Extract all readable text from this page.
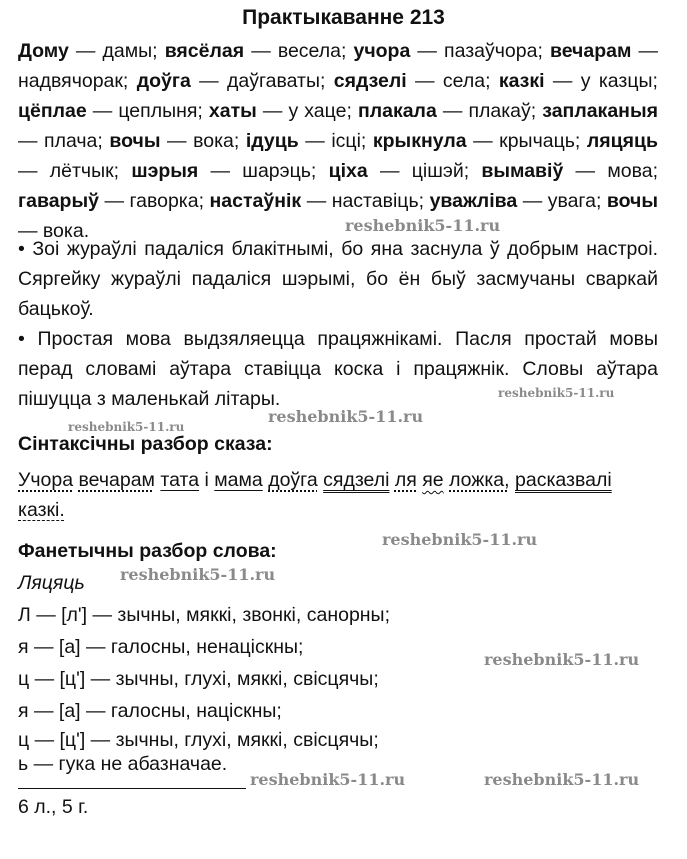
Практыкаванне 213
Дому — дамы; вясёлая — весела; учора — пазаўчора; вечарам — надвячорак; доўга — даўгаваты; сядзелі — села; казкі — у казцы; цёплае — цеплыня; хаты — у хаце; плакала — плакаў; заплаканыя — плача; вочы — вока; ідуць — ісці; крыкнула — крычаць; ляцяць — лётчык; шэрыя — шарэць; ціха — цішэй; вымавіў — мова; гаварыў — гаворка; настаўнік — наставіць; уважліва — увага; вочы — вока.
• Зоі жураўлі падаліся блакітнымі, бо яна заснула ў добрым настроі. Сяргейку жураўлі падаліся шэрымі, бо ён быў засмучаны сваркай бацькоў.
• Простая мова выдзяляецца працяжнікамі. Пасля простай мовы перад словамі аўтара ставіцца коска і працяжнік. Словы аўтара пішуцца з маленькай літары.
Сінтаксічны разбор сказа:
Учора вечарам тата і мама доўга сядзелі ля яе ложка, расказвалі
казкі.
Фанетычны разбор слова:
Ляцяць
Л — [л'] — зычны, мяккі, звонкі, санорны;
я — [а] — галосны, ненаціскны;
ц — [ц'] — зычны, глухі, мяккі, свісцячы;
я — [а] — галосны, націскны;
ц — [ц'] — зычны, глухі, мяккі, свісцячы;
ь — гука не абазначае.
6 л., 5 г.
reshebnik5-11.ru
reshebnik5-11.ru
reshebnik5-11.ru
reshebnik5-11.ru
reshebnik5-11.ru
reshebnik5-11.ru
reshebnik5-11.ru
reshebnik5-11.ru	reshebnik5-11.ru
